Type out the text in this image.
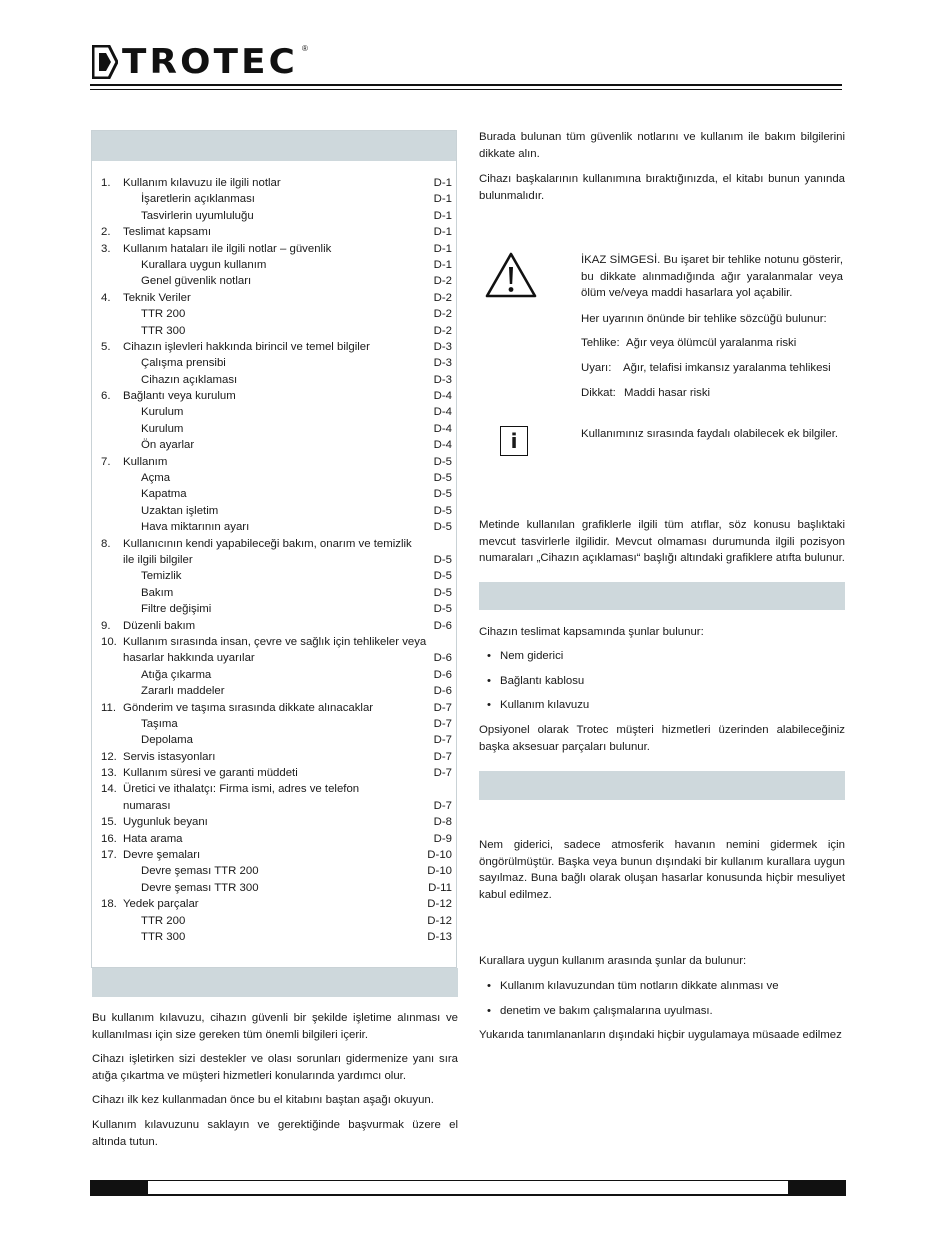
TROTEC ®
1. Kullanım kılavuzu ile ilgili notlar	D-1
İşaretlerin açıklanması	D-1
Tasvirlerin uyumluluğu	D-1
2. Teslimat kapsamı	D-1
3. Kullanım hataları ile ilgili notlar – güvenlik	D-1
Kurallara uygun kullanım	D-1
Genel güvenlik notları	D-2
4. Teknik Veriler	D-2
TTR 200	D-2
TTR 300	D-2
5. Cihazın işlevleri hakkında birincil ve temel bilgiler	D-3
Çalışma prensibi	D-3
Cihazın açıklaması	D-3
6. Bağlantı veya kurulum	D-4
Kurulum	D-4
Kurulum	D-4
Ön ayarlar	D-4
7. Kullanım	D-5
Açma	D-5
Kapatma	D-5
Uzaktan işletim	D-5
Hava miktarının ayarı	D-5
8. Kullanıcının kendi yapabileceği bakım, onarım ve temizlik
ile ilgili bilgiler	D-5
Temizlik	D-5
Bakım	D-5
Filtre değişimi	D-5
9. Düzenli bakım	D-6
10. Kullanım sırasında insan, çevre ve sağlık için tehlikeler veya
hasarlar hakkında uyarılar	D-6
Atığa çıkarma	D-6
Zararlı maddeler	D-6
11. Gönderim ve taşıma sırasında dikkate alınacaklar	D-7
Taşıma	D-7
Depolama	D-7
12. Servis istasyonları	D-7
13. Kullanım süresi ve garanti müddeti	D-7
14. Üretici ve ithalatçı: Firma ismi, adres ve telefon
numarası	D-7
15. Uygunluk beyanı	D-8
16. Hata arama	D-9
17. Devre şemaları	D-10
Devre şeması TTR 200	D-10
Devre şeması TTR 300	D-11
18. Yedek parçalar	D-12
TTR 200	D-12
TTR 300	D-13

Bu kullanım kılavuzu, cihazın güvenli bir şekilde işletime alınması ve kullanılması için size gereken tüm önemli bilgileri içerir.

Cihazı işletirken sizi destekler ve olası sorunları gidermenize yanı sıra atığa çıkartma ve müşteri hizmetleri konularında yardımcı olur.

Cihazı ilk kez kullanmadan önce bu el kitabını baştan aşağı okuyun.

Kullanım kılavuzunu saklayın ve gerektiğinde başvurmak üzere el altında tutun.

Burada bulunan tüm güvenlik notlarını ve kullanım ile bakım bilgilerini dikkate alın.

Cihazı başkalarının kullanımına bıraktığınızda, el kitabı bunun yanında bulunmalıdır.

İKAZ SİMGESİ. Bu işaret bir tehlike notunu gösterir, bu dikkate alınmadığında ağır yaralanmalar veya ölüm ve/veya maddi hasarlara yol açabilir.
Her uyarının önünde bir tehlike sözcüğü bulunur:
Tehlike: Ağır veya ölümcül yaralanma riski
Uyarı: Ağır, telafisi imkansız yaralanma tehlikesi
Dikkat: Maddi hasar riski
i	Kullanımınız sırasında faydalı olabilecek ek bilgiler.

Metinde kullanılan grafiklerle ilgili tüm atıflar, söz konusu başlıktaki mevcut tasvirlerle ilgilidir. Mevcut olmaması durumunda ilgili pozisyon numaraları „Cihazın açıklaması“ başlığı altındaki grafiklere atıfta bulunur.

Cihazın teslimat kapsamında şunlar bulunur:

• Nem giderici
• Bağlantı kablosu
• Kullanım kılavuzu

Opsiyonel olarak Trotec müşteri hizmetleri üzerinden alabileceğiniz başka aksesuar parçaları bulunur.

Nem giderici, sadece atmosferik havanın nemini gidermek için öngörülmüştür. Başka veya bunun dışındaki bir kullanım kurallara uygun sayılmaz. Buna bağlı olarak oluşan hasarlar konusunda hiçbir mesuliyet kabul edilmez.

Kurallara uygun kullanım arasında şunlar da bulunur:

• Kullanım kılavuzundan tüm notların dikkate alınması ve
• denetim ve bakım çalışmalarına uyulması.

Yukarıda tanımlananların dışındaki hiçbir uygulamaya müsaade edilmez
